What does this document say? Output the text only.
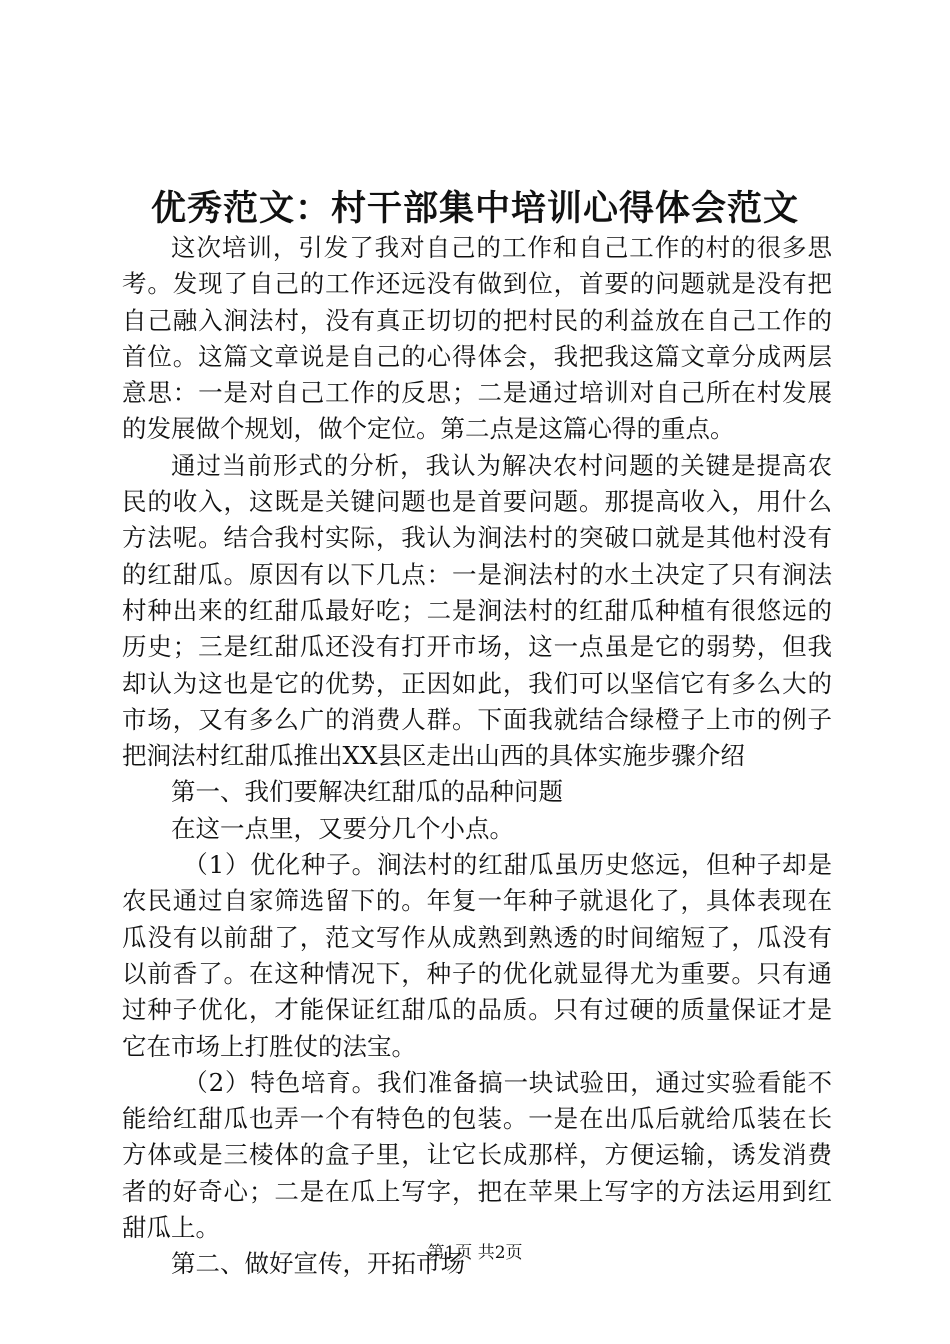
优秀范文：村干部集中培训心得体会范文

这次培训，引发了我对自己的工作和自己工作的村的很多思考。发现了自己的工作还远没有做到位，首要的问题就是没有把自己融入涧法村，没有真正切切的把村民的利益放在自己工作的首位。这篇文章说是自己的心得体会，我把我这篇文章分成两层意思：一是对自己工作的反思；二是通过培训对自己所在村发展的发展做个规划，做个定位。第二点是这篇心得的重点。

通过当前形式的分析，我认为解决农村问题的关键是提高农民的收入，这既是关键问题也是首要问题。那提高收入，用什么方法呢。结合我村实际，我认为涧法村的突破口就是其他村没有的红甜瓜。原因有以下几点：一是涧法村的水土决定了只有涧法村种出来的红甜瓜最好吃；二是涧法村的红甜瓜种植有很悠远的历史；三是红甜瓜还没有打开市场，这一点虽是它的弱势，但我却认为这也是它的优势，正因如此，我们可以坚信它有多么大的市场，又有多么广的消费人群。下面我就结合绿橙子上市的例子把涧法村红甜瓜推出XX县区走出山西的具体实施步骤介绍

第一、我们要解决红甜瓜的品种问题

在这一点里，又要分几个小点。

（1）优化种子。涧法村的红甜瓜虽历史悠远，但种子却是农民通过自家筛选留下的。年复一年种子就退化了，具体表现在瓜没有以前甜了，范文写作从成熟到熟透的时间缩短了，瓜没有以前香了。在这种情况下，种子的优化就显得尤为重要。只有通过种子优化，才能保证红甜瓜的品质。只有过硬的质量保证才是它在市场上打胜仗的法宝。

（2）特色培育。我们准备搞一块试验田，通过实验看能不能给红甜瓜也弄一个有特色的包装。一是在出瓜后就给瓜装在长方体或是三棱体的盒子里，让它长成那样，方便运输，诱发消费者的好奇心；二是在瓜上写字，把在苹果上写字的方法运用到红甜瓜上。

第二、做好宣传，开拓市场

第1页 共2页
